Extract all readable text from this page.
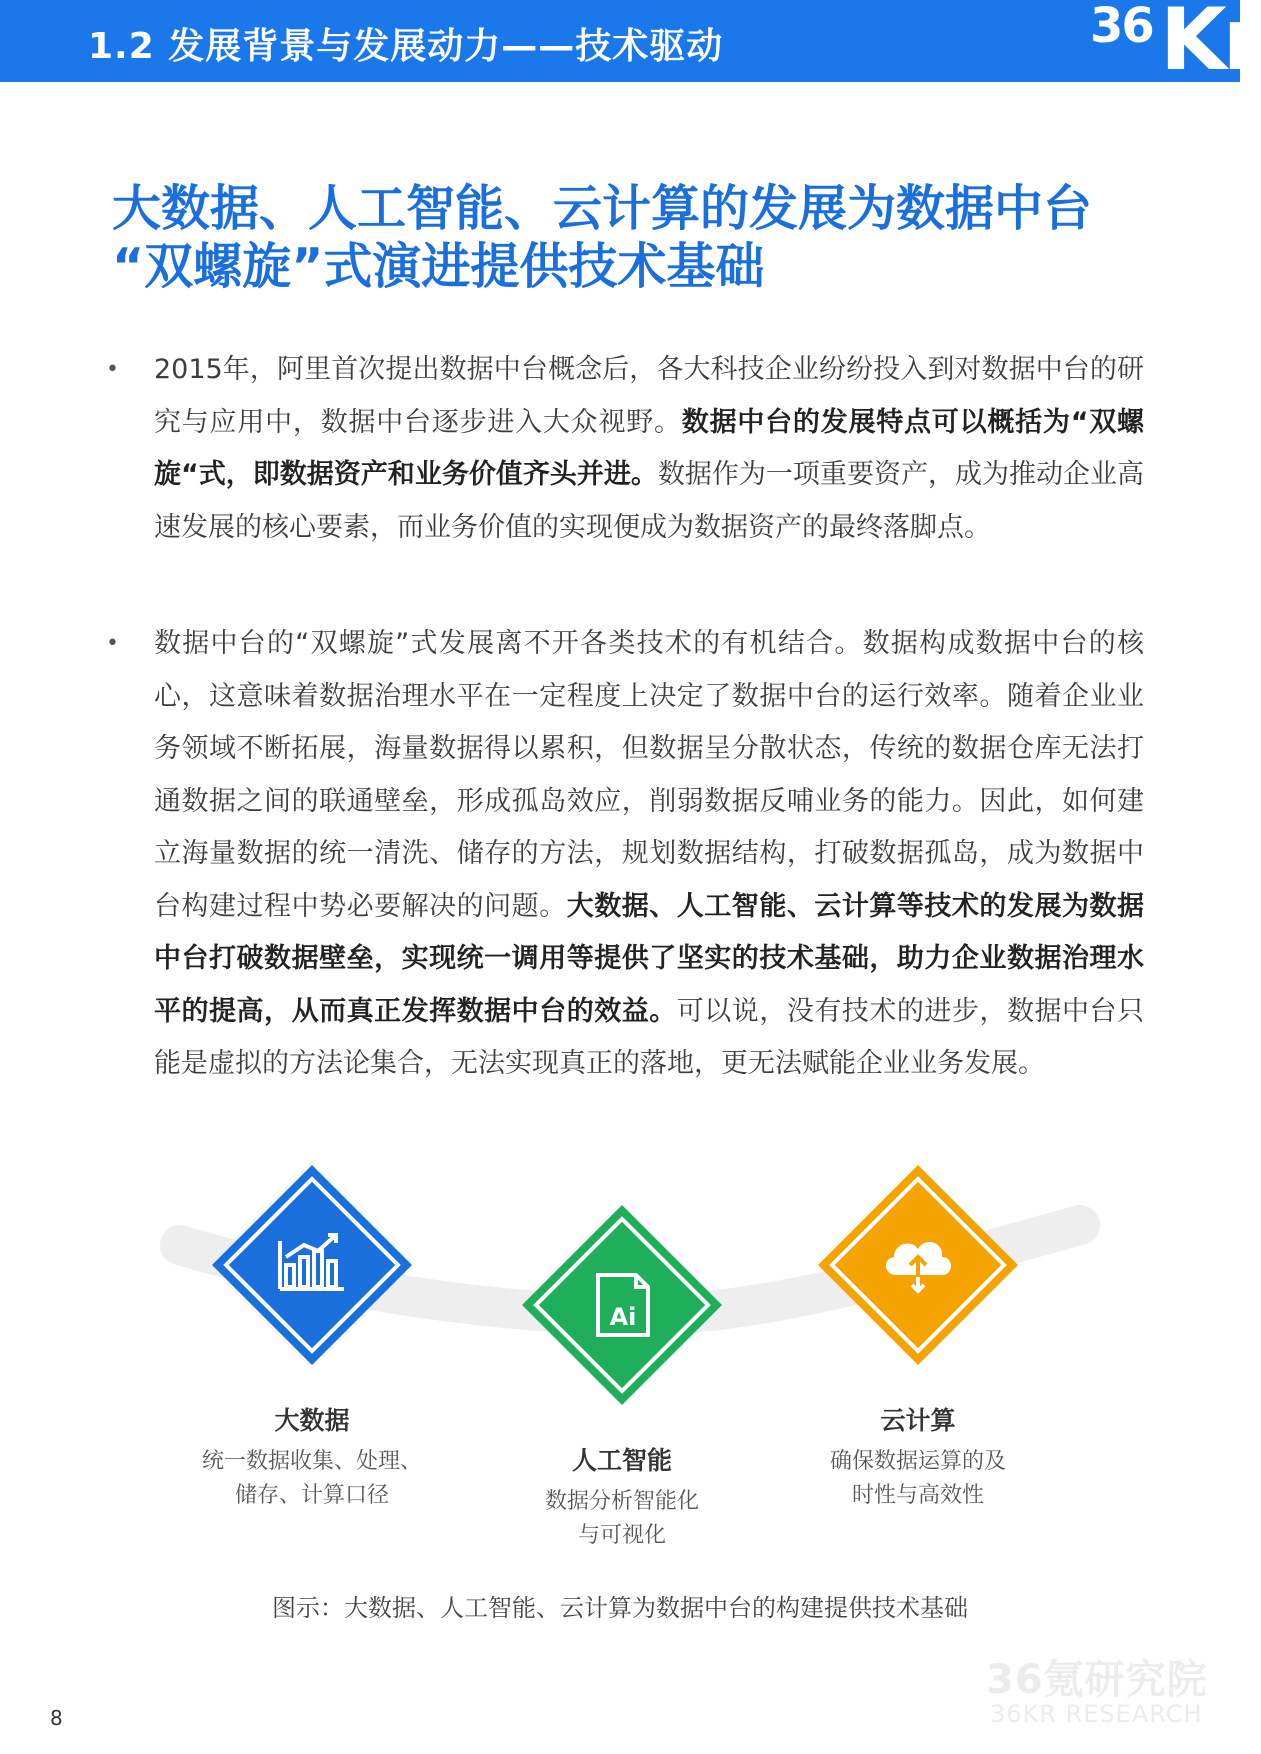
1.2 发展背景与发展动力——技术驱动	36 Kr
大数据、人工智能、云计算的发展为数据中台
“双螺旋”式演进提供技术基础
• 2015年，阿里首次提出数据中台概念后，各大科技企业纷纷投入到对数据中台的研究与应用中，数据中台逐步进入大众视野。数据中台的发展特点可以概括为“双螺旋“式，即数据资产和业务价值齐头并进。数据作为一项重要资产，成为推动企业高速发展的核心要素，而业务价值的实现便成为数据资产的最终落脚点。
• 数据中台的“双螺旋”式发展离不开各类技术的有机结合。数据构成数据中台的核心，这意味着数据治理水平在一定程度上决定了数据中台的运行效率。随着企业业务领域不断拓展，海量数据得以累积，但数据呈分散状态，传统的数据仓库无法打通数据之间的联通壁垒，形成孤岛效应，削弱数据反哺业务的能力。因此，如何建立海量数据的统一清洗、储存的方法，规划数据结构，打破数据孤岛，成为数据中台构建过程中势必要解决的问题。大数据、人工智能、云计算等技术的发展为数据中台打破数据壁垒，实现统一调用等提供了坚实的技术基础，助力企业数据治理水平的提高，从而真正发挥数据中台的效益。可以说，没有技术的进步，数据中台只能是虚拟的方法论集合，无法实现真正的落地，更无法赋能企业业务发展。
大数据
统一数据收集、处理、
储存、计算口径
Ai
人工智能
数据分析智能化
与可视化
云计算
确保数据运算的及
时性与高效性
图示：大数据、人工智能、云计算为数据中台的构建提供技术基础
36氪研究院
36KR RESEARCH
8
